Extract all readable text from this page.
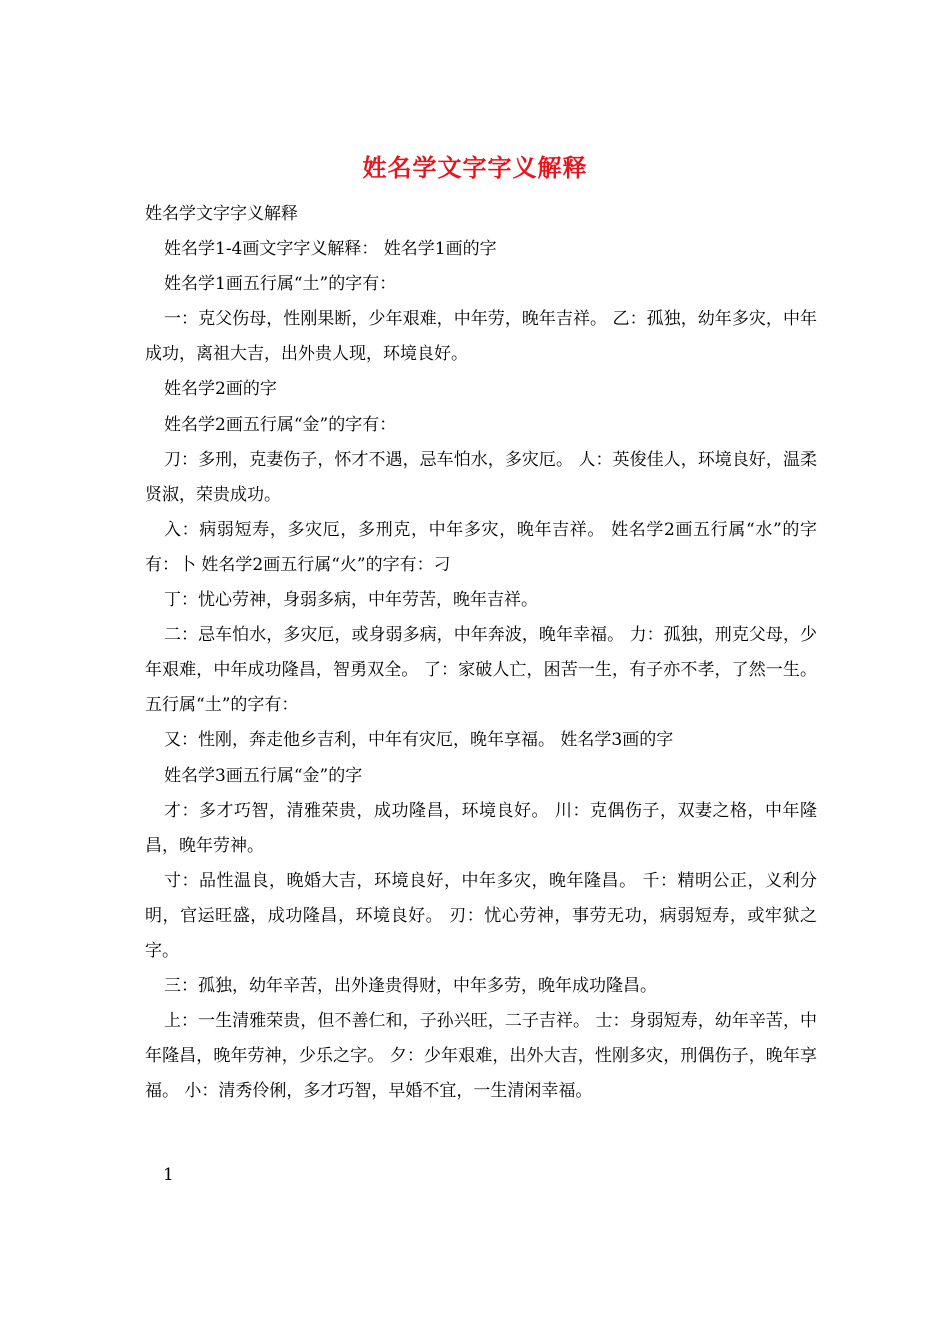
姓名学文字字义解释

姓名学文字字义解释

姓名学1-4画文字字义解释： 姓名学1画的字

姓名学1画五行属“土”的字有：

一：克父伤母，性刚果断，少年艰难，中年劳，晚年吉祥。 乙：孤独，幼年多灾，中年成功，离祖大吉，出外贵人现，环境良好。

姓名学2画的字

姓名学2画五行属“金”的字有：

刀：多刑，克妻伤子，怀才不遇，忌车怕水，多灾厄。 人：英俊佳人，环境良好，温柔贤淑，荣贵成功。

入：病弱短寿，多灾厄，多刑克，中年多灾，晚年吉祥。 姓名学2画五行属“水”的字有：卜 姓名学2画五行属“火”的字有：刁

丁：忧心劳神，身弱多病，中年劳苦，晚年吉祥。

二：忌车怕水，多灾厄，或身弱多病，中年奔波，晚年幸福。 力：孤独，刑克父母，少年艰难，中年成功隆昌，智勇双全。 了：家破人亡，困苦一生，有子亦不孝，了然一生。 五行属“土”的字有：

又：性刚，奔走他乡吉利，中年有灾厄，晚年享福。 姓名学3画的字

姓名学3画五行属“金”的字

才：多才巧智，清雅荣贵，成功隆昌，环境良好。 川：克偶伤子，双妻之格，中年隆昌，晚年劳神。

寸：品性温良，晚婚大吉，环境良好，中年多灾，晚年隆昌。 千：精明公正，义利分明，官运旺盛，成功隆昌，环境良好。 刃：忧心劳神，事劳无功，病弱短寿，或牢狱之字。

三：孤独，幼年辛苦，出外逢贵得财，中年多劳，晚年成功隆昌。

上：一生清雅荣贵，但不善仁和，子孙兴旺，二子吉祥。 士：身弱短寿，幼年辛苦，中年隆昌，晚年劳神，少乐之字。 夕：少年艰难，出外大吉，性刚多灾，刑偶伤子，晚年享福。 小：清秀伶俐，多才巧智，早婚不宜，一生清闲幸福。

1
